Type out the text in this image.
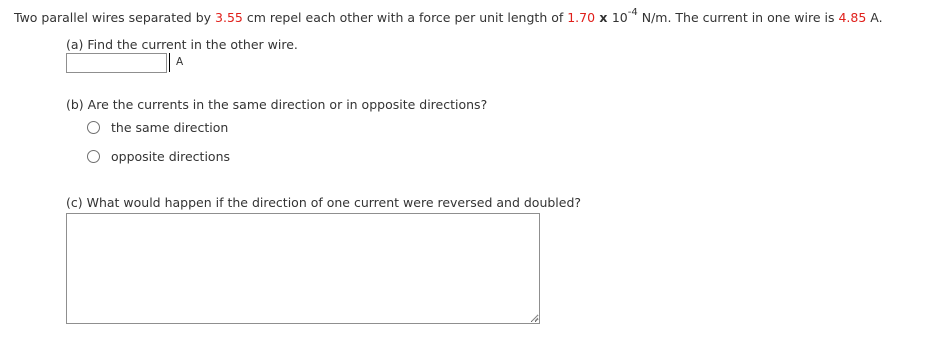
Two parallel wires separated by 3.55 cm repel each other with a force per unit length of 1.70 x $10^{-4}$ N/m. The current in one wire is 4.85 A.
(a) Find the current in the other wire.
A
(b) Are the currents in the same direction or in opposite directions?
the same direction
opposite directions
(c) What would happen if the direction of one current were reversed and doubled?
